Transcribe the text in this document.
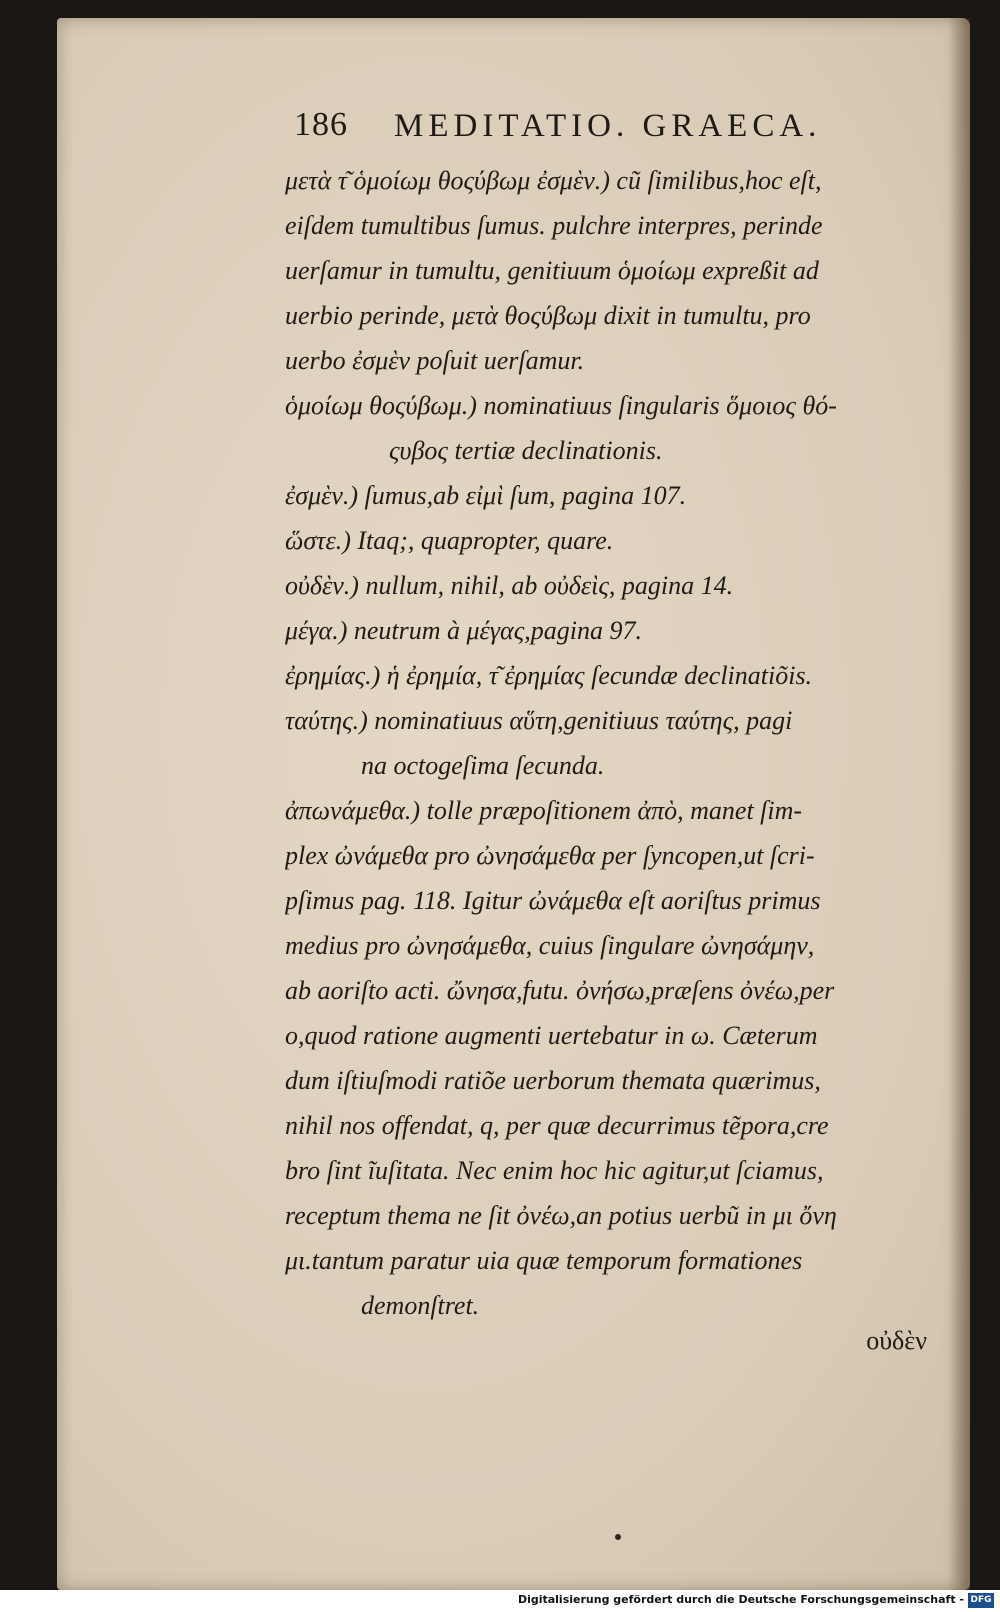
186 MEDITATIO. GRAECA.
μετὰ τ͂ ὁμοίωμ θοςύβωμ ἐσμὲν.) cũ ſimilibus,hoc eſt,
eiſdem tumultibus ſumus. pulchre interpres, perinde
uerſamur in tumultu, genitiuum ὁμοίωμ expreßit ad
uerbio perinde, μετὰ θοςύβωμ dixit in tumultu, pro
uerbo ἐσμὲν poſuit uerſamur.
ὁμοίωμ θοςύβωμ.) nominatiuus ſingularis ὅμοιος θό-
ςυβος tertiæ declinationis.
ἐσμὲν.) ſumus,ab εἰμὶ ſum, pagina 107.
ὥστε.) Itaq;, quapropter, quare.
οὐδὲν.) nullum, nihil, ab οὐδεὶς, pagina 14.
μέγα.) neutrum à μέγας,pagina 97.
ἐρημίας.) ἡ ἐρημία, τ͂ ἐρημίας ſecundæ declinatiõis.
ταύτης.) nominatiuus αὕτη,genitiuus ταύτης, pagi
na octogeſima ſecunda.
ἀπωνάμεθα.) tolle præpoſitionem ἀπὸ, manet ſim-
plex ὠνάμεθα pro ὠνησάμεθα per ſyncopen,ut ſcri-
pſimus pag. 118. Igitur ὠνάμεθα eſt aoriſtus primus
medius pro ὠνησάμεθα, cuius ſingulare ὠνησάμην,
ab aoriſto acti. ὤνησα,futu. ὀνήσω,præſens ὀνέω,per
o,quod ratione augmenti uertebatur in ω. Cæterum
dum iſtiuſmodi ratiõe uerborum themata quærimus,
nihil nos offendat, q, per quæ decurrimus tẽpora,cre
bro ſint ĩuſitata. Nec enim hoc hic agitur,ut ſciamus,
receptum thema ne ſit ὀνέω,an potius uerbũ in μι ὄνη
μι.tantum paratur uia quæ temporum formationes
demonſtret.
οὐδὲν
Digitalisierung gefördert durch die Deutsche Forschungsgemeinschaft - DFG
